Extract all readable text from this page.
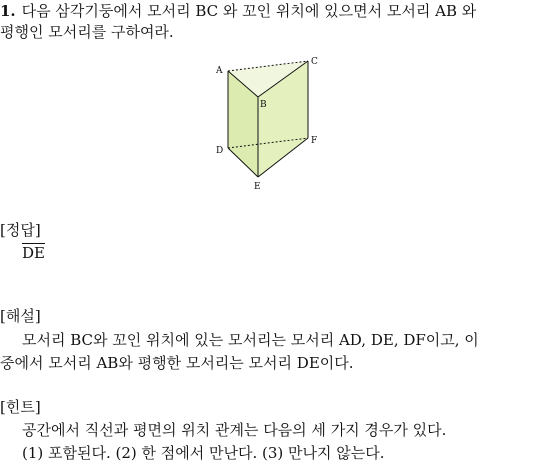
1. 다음 삼각기둥에서 모서리 BC 와 꼬인 위치에 있으면서 모서리 AB 와
평행인 모서리를 구하여라.
A
B
C
D
E
F
[정답]
$\overline{DE}$
[해설]
모서리 BC와 꼬인 위치에 있는 모서리는 모서리 AD, DE, DF이고, 이
중에서 모서리 AB와 평행한 모서리는 모서리 DE이다.
[힌트]
공간에서 직선과 평면의 위치 관계는 다음의 세 가지 경우가 있다.
(1) 포함된다. (2) 한 점에서 만난다. (3) 만나지 않는다.
